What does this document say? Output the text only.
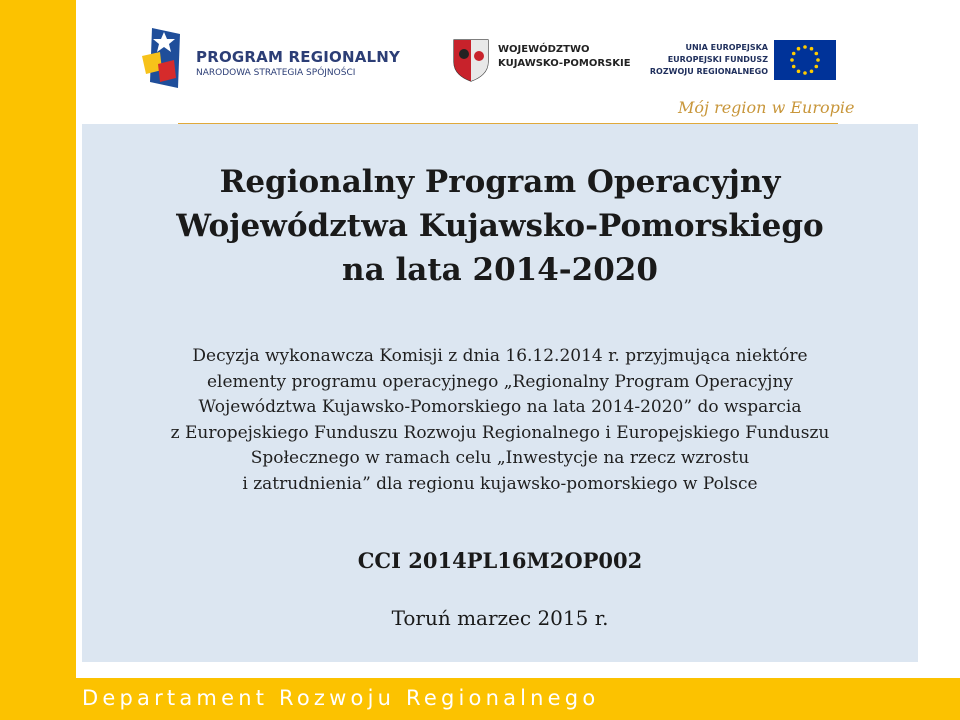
PROGRAM REGIONALNY
NARODOWA STRATEGIA SPÓJNOŚCI
WOJEWÓDZTWO
KUJAWSKO-POMORSKIE
UNIA EUROPEJSKA
EUROPEJSKI FUNDUSZ
ROZWOJU REGIONALNEGO
Mój region w Europie
Regionalny Program Operacyjny
Województwa Kujawsko-Pomorskiego
na lata 2014-2020
Decyzja wykonawcza Komisji z dnia 16.12.2014 r. przyjmująca niektóre
elementy programu operacyjnego „Regionalny Program Operacyjny
Województwa Kujawsko-Pomorskiego na lata 2014-2020” do wsparcia
z Europejskiego Funduszu Rozwoju Regionalnego i Europejskiego Funduszu
Społecznego w ramach celu „Inwestycje na rzecz wzrostu
i zatrudnienia” dla regionu kujawsko-pomorskiego w Polsce
CCI 2014PL16M2OP002
Toruń marzec 2015 r.
Departament Rozwoju Regionalnego
